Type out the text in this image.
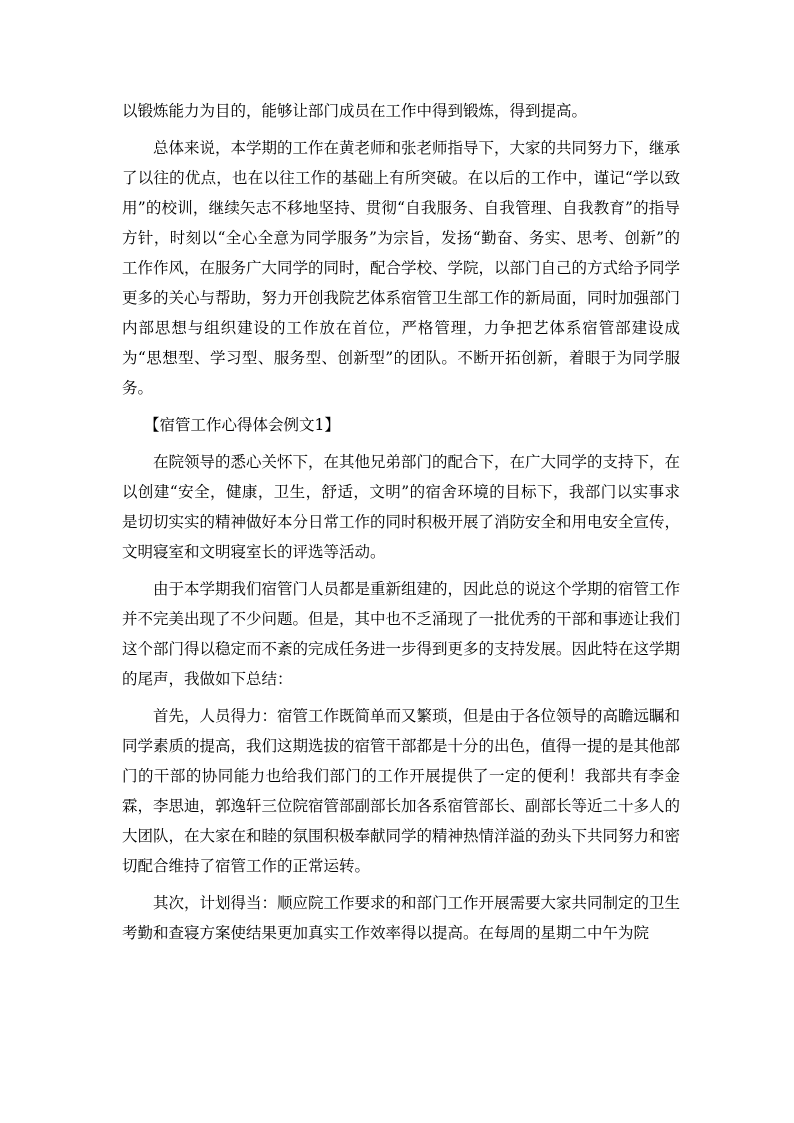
以锻炼能力为目的，能够让部门成员在工作中得到锻炼，得到提高。

总体来说，本学期的工作在黄老师和张老师指导下，大家的共同努力下，继承了以往的优点，也在以往工作的基础上有所突破。在以后的工作中，谨记“学以致用”的校训，继续矢志不移地坚持、贯彻“自我服务、自我管理、自我教育”的指导方针，时刻以“全心全意为同学服务”为宗旨，发扬“勤奋、务实、思考、创新”的工作作风，在服务广大同学的同时，配合学校、学院，以部门自己的方式给予同学更多的关心与帮助，努力开创我院艺体系宿管卫生部工作的新局面，同时加强部门内部思想与组织建设的工作放在首位，严格管理，力争把艺体系宿管部建设成为“思想型、学习型、服务型、创新型”的团队。不断开拓创新，着眼于为同学服务。

【宿管工作心得体会例文1】

在院领导的悉心关怀下，在其他兄弟部门的配合下，在广大同学的支持下，在以创建“安全，健康，卫生，舒适，文明”的宿舍环境的目标下，我部门以实事求是切切实实的精神做好本分日常工作的同时积极开展了消防安全和用电安全宣传，文明寝室和文明寝室长的评选等活动。

由于本学期我们宿管门人员都是重新组建的，因此总的说这个学期的宿管工作并不完美出现了不少问题。但是，其中也不乏涌现了一批优秀的干部和事迹让我们这个部门得以稳定而不紊的完成任务进一步得到更多的支持发展。因此特在这学期的尾声，我做如下总结：

首先，人员得力：宿管工作既简单而又繁琐，但是由于各位领导的高瞻远瞩和同学素质的提高，我们这期选拔的宿管干部都是十分的出色，值得一提的是其他部门的干部的协同能力也给我们部门的工作开展提供了一定的便利！我部共有李金霖，李思迪，郭逸轩三位院宿管部副部长加各系宿管部长、副部长等近二十多人的大团队，在大家在和睦的氛围积极奉献同学的精神热情洋溢的劲头下共同努力和密切配合维持了宿管工作的正常运转。

其次，计划得当：顺应院工作要求的和部门工作开展需要大家共同制定的卫生考勤和查寝方案使结果更加真实工作效率得以提高。在每周的星期二中午为院
